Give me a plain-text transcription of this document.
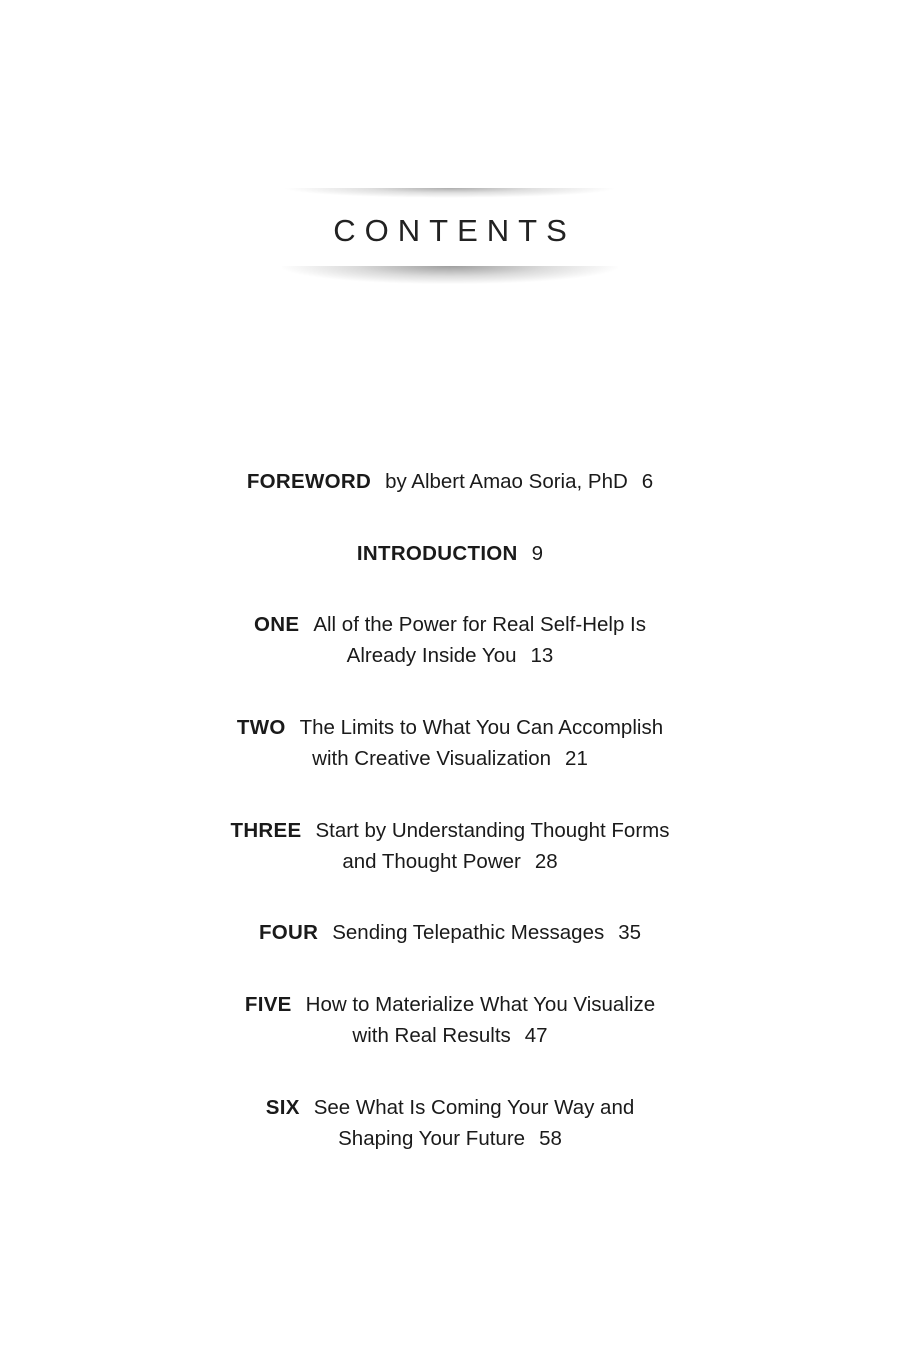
CONTENTS
FOREWORD by Albert Amao Soria, PhD 6
INTRODUCTION 9
ONE All of the Power for Real Self-Help Is
Already Inside You 13
TWO The Limits to What You Can Accomplish
with Creative Visualization 21
THREE Start by Understanding Thought Forms
and Thought Power 28
FOUR Sending Telepathic Messages 35
FIVE How to Materialize What You Visualize
with Real Results 47
SIX See What Is Coming Your Way and
Shaping Your Future 58
